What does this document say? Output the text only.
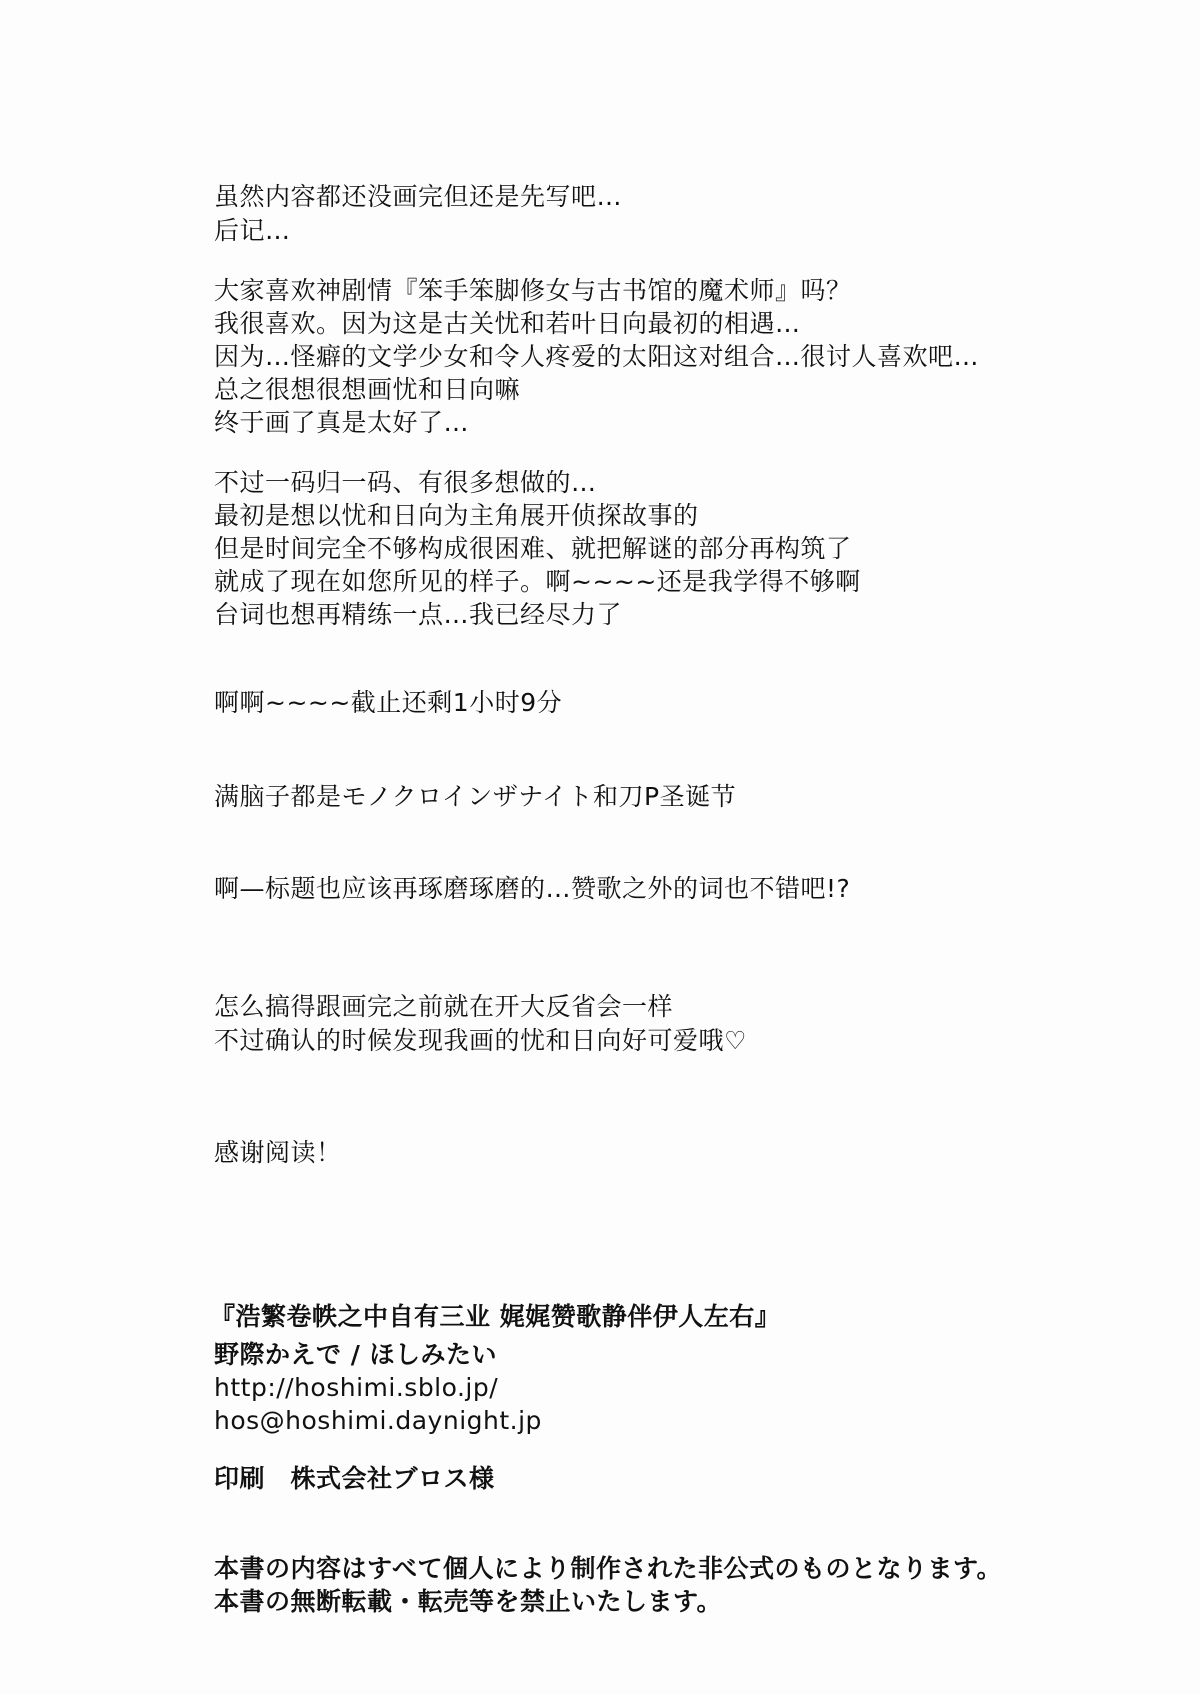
虽然内容都还没画完但还是先写吧…
后记…
大家喜欢神剧情『笨手笨脚修女与古书馆的魔术师』吗？
我很喜欢。因为这是古关忧和若叶日向最初的相遇…
因为…怪癖的文学少女和令人疼爱的太阳这对组合…很讨人喜欢吧…
总之很想很想画忧和日向嘛
终于画了真是太好了…
不过一码归一码、有很多想做的…
最初是想以忧和日向为主角展开侦探故事的
但是时间完全不够构成很困难、就把解谜的部分再构筑了
就成了现在如您所见的样子。啊~~~~还是我学得不够啊
台词也想再精练一点…我已经尽力了
啊啊~~~~截止还剩1小时9分
满脑子都是モノクロインザナイト和刀P圣诞节
啊—标题也应该再琢磨琢磨的…赞歌之外的词也不错吧!?
怎么搞得跟画完之前就在开大反省会一样
不过确认的时候发现我画的忧和日向好可爱哦♡
感谢阅读！
『浩繁卷帙之中自有三业 娓娓赞歌静伴伊人左右』
野際かえで / ほしみたい
http://hoshimi.sblo.jp/
hos@hoshimi.daynight.jp
印刷　株式会社ブロス様
本書の内容はすべて個人により制作された非公式のものとなります。
本書の無断転載・転売等を禁止いたします。
